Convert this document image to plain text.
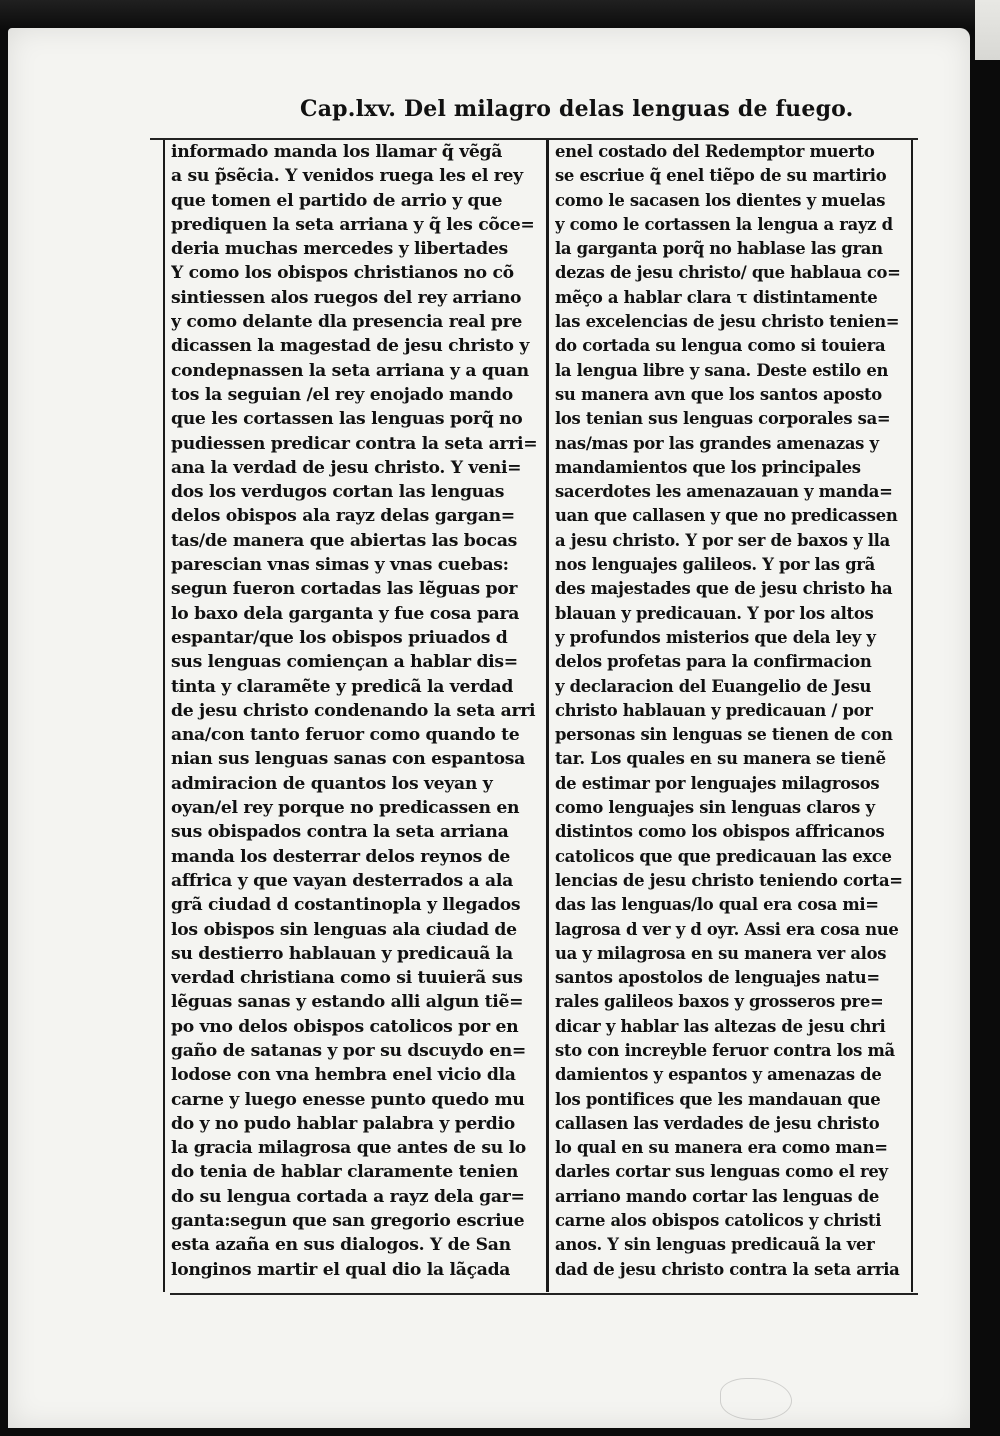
Cap.lxv. Del milagro delas lenguas de fuego.
informado manda los llamar q̃ vẽgã
a su p̃sẽcia. Y venidos ruega les el rey
que tomen el partido de arrio y que
prediquen la seta arriana y q̃ les cõce=
deria muchas mercedes y libertades
Y como los obispos christianos no cõ
sintiessen alos ruegos del rey arriano
y como delante dla presencia real pre
dicassen la magestad de jesu christo y
condepnassen la seta arriana y a quan
tos la seguian /el rey enojado mando
que les cortassen las lenguas porq̃ no
pudiessen predicar contra la seta arri=
ana la verdad de jesu christo. Y veni=
dos los verdugos cortan las lenguas
delos obispos ala rayz delas gargan=
tas/de manera que abiertas las bocas
parescian vnas simas y vnas cuebas:
segun fueron cortadas las lẽguas por
lo baxo dela garganta y fue cosa para
espantar/que los obispos priuados d
sus lenguas comiençan a hablar dis=
tinta y claramẽte y predicã la verdad
de jesu christo condenando la seta arri
ana/con tanto feruor como quando te
nian sus lenguas sanas con espantosa
admiracion de quantos los veyan y
oyan/el rey porque no predicassen en
sus obispados contra la seta arriana
manda los desterrar delos reynos de
affrica y que vayan desterrados a ala
grã ciudad d costantinopla y llegados
los obispos sin lenguas ala ciudad de
su destierro hablauan y predicauã la
verdad christiana como si tuuierã sus
lẽguas sanas y estando alli algun tiẽ=
po vno delos obispos catolicos por en
gaño de satanas y por su dscuydo en=
lodose con vna hembra enel vicio dla
carne y luego enesse punto quedo mu
do y no pudo hablar palabra y perdio
la gracia milagrosa que antes de su lo
do tenia de hablar claramente tenien
do su lengua cortada a rayz dela gar=
ganta:segun que san gregorio escriue
esta azaña en sus dialogos. Y de San
longinos martir el qual dio la lãçada
enel costado del Redemptor muerto
se escriue q̃ enel tiẽpo de su martirio
como le sacasen los dientes y muelas
y como le cortassen la lengua a rayz d
la garganta porq̃ no hablase las gran
dezas de jesu christo/ que hablaua co=
mẽço a hablar clara τ distintamente
las excelencias de jesu christo tenien=
do cortada su lengua como si touiera
la lengua libre y sana. Deste estilo en
su manera avn que los santos aposto
los tenian sus lenguas corporales sa=
nas/mas por las grandes amenazas y
mandamientos que los principales
sacerdotes les amenazauan y manda=
uan que callasen y que no predicassen
a jesu christo. Y por ser de baxos y lla
nos lenguajes galileos. Y por las grã
des majestades que de jesu christo ha
blauan y predicauan. Y por los altos
y profundos misterios que dela ley y
delos profetas para la confirmacion
y declaracion del Euangelio de Jesu
christo hablauan y predicauan / por
personas sin lenguas se tienen de con
tar. Los quales en su manera se tienẽ
de estimar por lenguajes milagrosos
como lenguajes sin lenguas claros y
distintos como los obispos affricanos
catolicos que que predicauan las exce
lencias de jesu christo teniendo corta=
das las lenguas/lo qual era cosa mi=
lagrosa d ver y d oyr. Assi era cosa nue
ua y milagrosa en su manera ver alos
santos apostolos de lenguajes natu=
rales galileos baxos y grosseros pre=
dicar y hablar las altezas de jesu chri
sto con increyble feruor contra los mã
damientos y espantos y amenazas de
los pontifices que les mandauan que
callasen las verdades de jesu christo
lo qual en su manera era como man=
darles cortar sus lenguas como el rey
arriano mando cortar las lenguas de
carne alos obispos catolicos y christi
anos. Y sin lenguas predicauã la ver
dad de jesu christo contra la seta arria
